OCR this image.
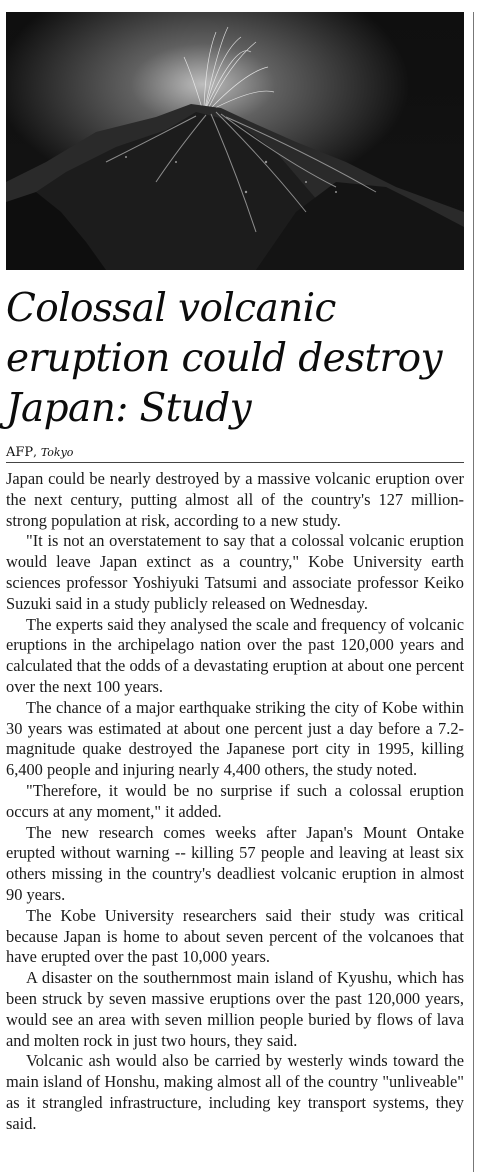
Colossal volcanic eruption could destroy Japan: Study
AFP, Tokyo

Japan could be nearly destroyed by a massive volcanic eruption over the next century, putting almost all of the country's 127 million-strong population at risk, according to a new study.

"It is not an overstatement to say that a colossal volcanic eruption would leave Japan extinct as a country," Kobe University earth sciences professor Yoshiyuki Tatsumi and associate professor Keiko Suzuki said in a study publicly released on Wednesday.

The experts said they analysed the scale and frequency of volcanic eruptions in the archipelago nation over the past 120,000 years and calculated that the odds of a devastating eruption at about one percent over the next 100 years.

The chance of a major earthquake striking the city of Kobe within 30 years was estimated at about one percent just a day before a 7.2-magnitude quake destroyed the Japanese port city in 1995, killing 6,400 people and injuring nearly 4,400 others, the study noted.

"Therefore, it would be no surprise if such a colossal eruption occurs at any moment," it added.

The new research comes weeks after Japan's Mount Ontake erupted without warning -- killing 57 people and leaving at least six others missing in the country's deadliest volcanic eruption in almost 90 years.

The Kobe University researchers said their study was critical because Japan is home to about seven percent of the volcanoes that have erupted over the past 10,000 years.

A disaster on the southernmost main island of Kyushu, which has been struck by seven massive eruptions over the past 120,000 years, would see an area with seven million people buried by flows of lava and molten rock in just two hours, they said.

Volcanic ash would also be carried by westerly winds toward the main island of Honshu, making almost all of the country "unliveable" as it strangled infrastructure, including key transport systems, they said.
